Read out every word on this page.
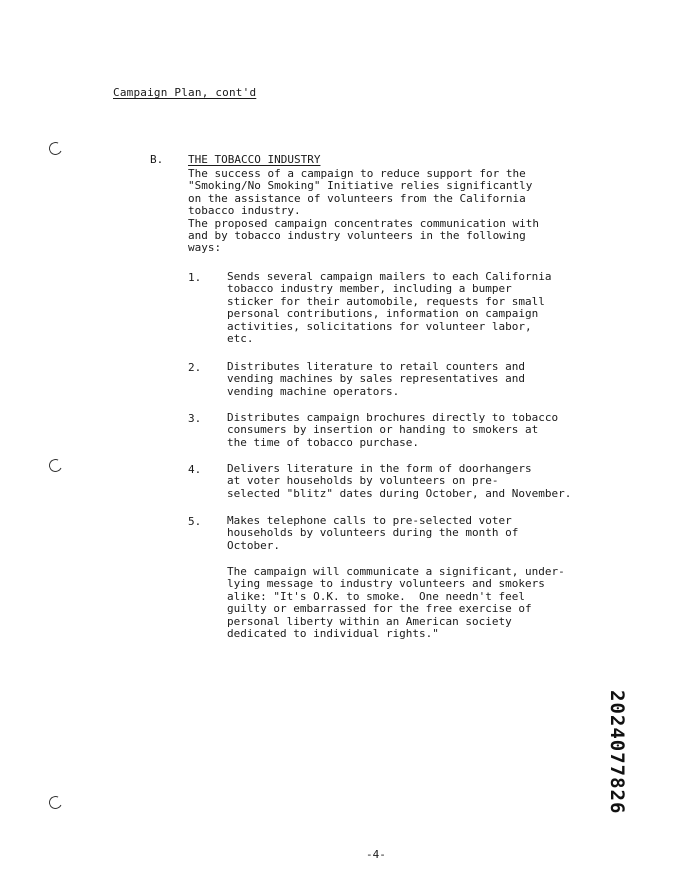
Campaign Plan, cont'd
B. THE TOBACCO INDUSTRY

The success of a campaign to reduce support for the

"Smoking/No Smoking" Initiative relies significantly

on the assistance of volunteers from the California

tobacco industry.

The proposed campaign concentrates communication with

and by tobacco industry volunteers in the following

ways:

1. Sends several campaign mailers to each California

tobacco industry member, including a bumper

sticker for their automobile, requests for small

personal contributions, information on campaign

activities, solicitations for volunteer labor,

etc.

2. Distributes literature to retail counters and

vending machines by sales representatives and

vending machine operators.

3. Distributes campaign brochures directly to tobacco

consumers by insertion or handing to smokers at

the time of tobacco purchase.

4. Delivers literature in the form of doorhangers

at voter households by volunteers on pre-

selected "blitz" dates during October, and November.

5. Makes telephone calls to pre-selected voter

households by volunteers during the month of

October.

The campaign will communicate a significant, under-

lying message to industry volunteers and smokers

alike: "It's O.K. to smoke.  One needn't feel

guilty or embarrassed for the free exercise of

personal liberty within an American society

dedicated to individual rights."

2024077826
-4-
